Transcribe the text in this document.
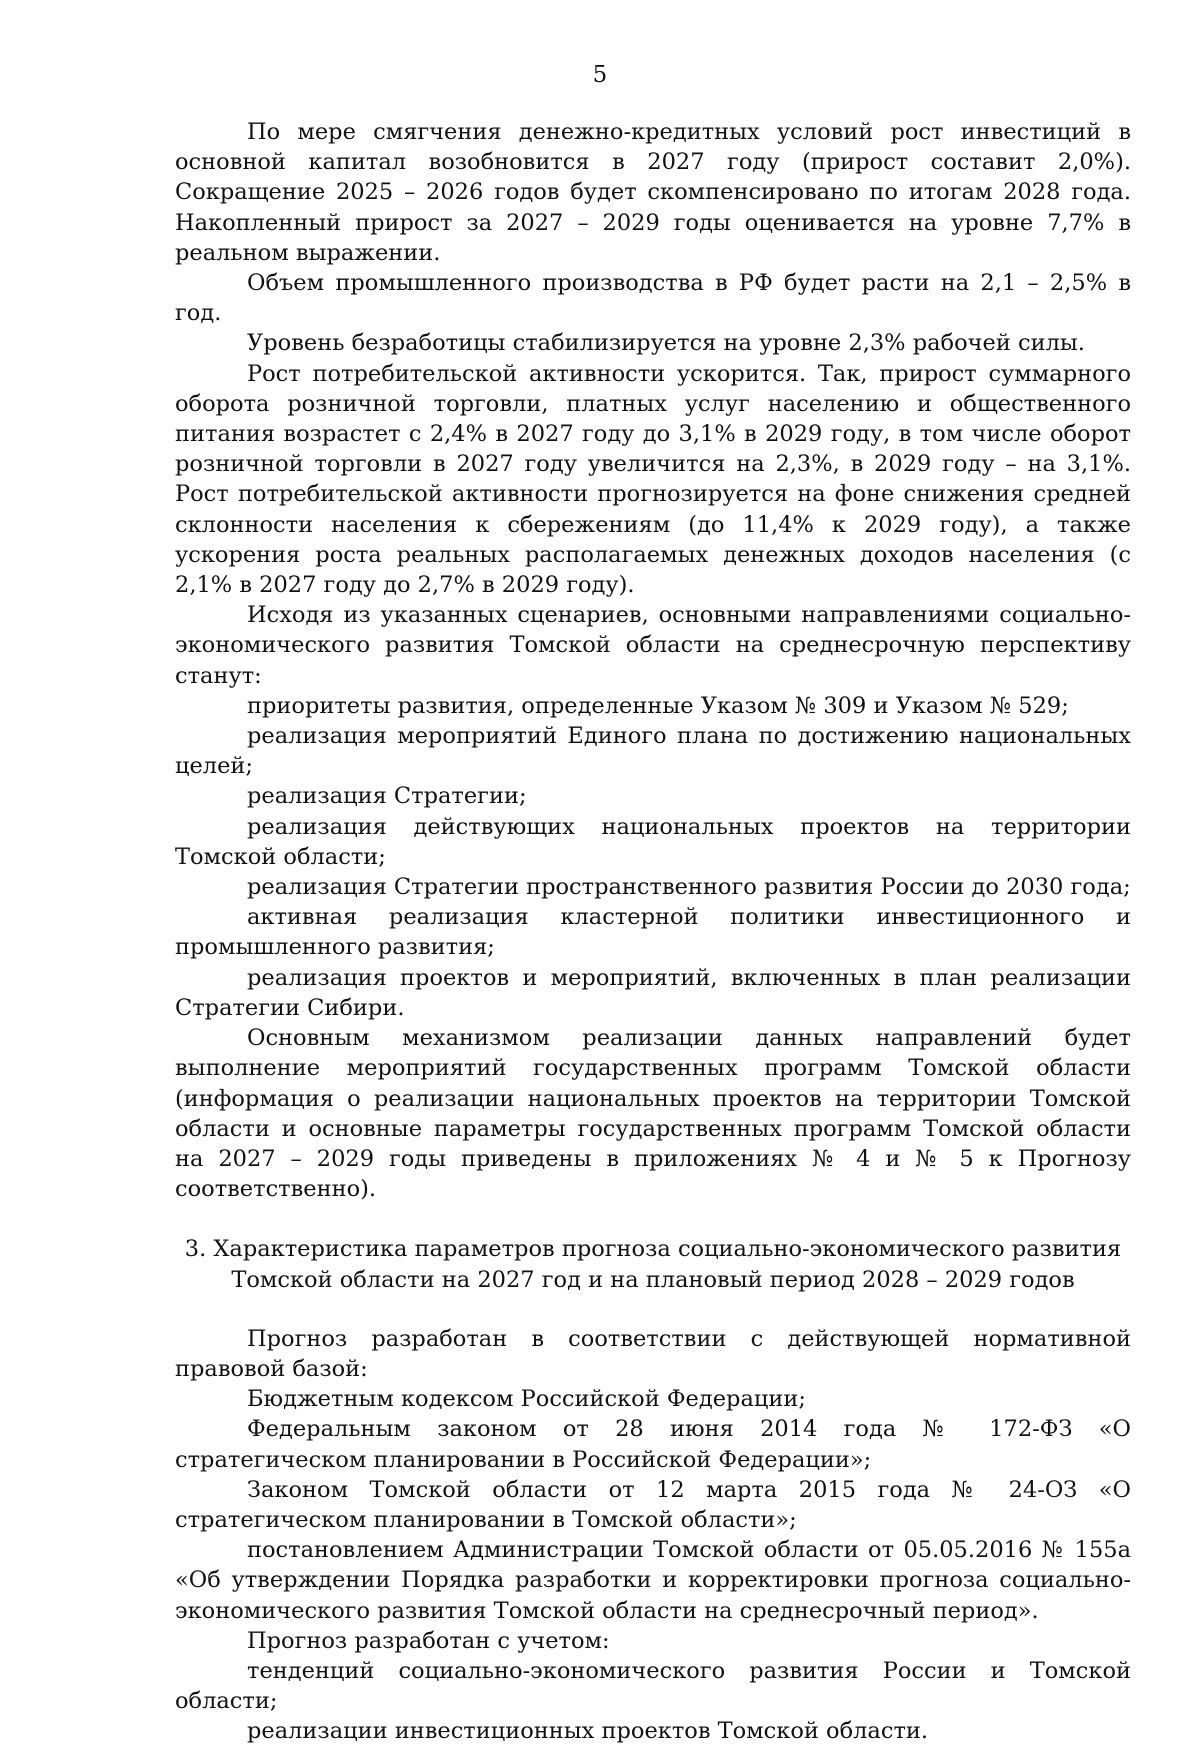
5

По мере смягчения денежно-кредитных условий рост инвестиций в основной капитал возобновится в 2027 году (прирост составит 2,0%). Сокращение 2025 – 2026 годов будет скомпенсировано по итогам 2028 года. Накопленный прирост за 2027 – 2029 годы оценивается на уровне 7,7% в реальном выражении.

Объем промышленного производства в РФ будет расти на 2,1 – 2,5% в год.

Уровень безработицы стабилизируется на уровне 2,3% рабочей силы.

Рост потребительской активности ускорится. Так, прирост суммарного оборота розничной торговли, платных услуг населению и общественного питания возрастет с 2,4% в 2027 году до 3,1% в 2029 году, в том числе оборот розничной торговли в 2027 году увеличится на 2,3%, в 2029 году – на 3,1%. Рост потребительской активности прогнозируется на фоне снижения средней склонности населения к сбережениям (до 11,4% к 2029 году), а также ускорения роста реальных располагаемых денежных доходов населения (с 2,1% в 2027 году до 2,7% в 2029 году).

Исходя из указанных сценариев, основными направлениями социально-экономического развития Томской области на среднесрочную перспективу станут:

приоритеты развития, определенные Указом № 309 и Указом № 529;

реализация мероприятий Единого плана по достижению национальных целей;

реализация Стратегии;

реализация действующих национальных проектов на территории Томской области;

реализация Стратегии пространственного развития России до 2030 года;

активная реализация кластерной политики инвестиционного и промышленного развития;

реализация проектов и мероприятий, включенных в план реализации Стратегии Сибири.

Основным механизмом реализации данных направлений будет выполнение мероприятий государственных программ Томской области (информация о реализации национальных проектов на территории Томской области и основные параметры государственных программ Томской области на 2027 – 2029 годы приведены в приложениях № 4 и № 5 к Прогнозу соответственно).

3. Характеристика параметров прогноза социально-экономического развития
Томской области на 2027 год и на плановый период 2028 – 2029 годов

Прогноз разработан в соответствии с действующей нормативной правовой базой:

Бюджетным кодексом Российской Федерации;

Федеральным законом от 28 июня 2014 года № 172-ФЗ «О стратегическом планировании в Российской Федерации»;

Законом Томской области от 12 марта 2015 года № 24-ОЗ «О стратегическом планировании в Томской области»;

постановлением Администрации Томской области от 05.05.2016 № 155а «Об утверждении Порядка разработки и корректировки прогноза социально-экономического развития Томской области на среднесрочный период».

Прогноз разработан с учетом:

тенденций социально-экономического развития России и Томской области;

реализации инвестиционных проектов Томской области.
